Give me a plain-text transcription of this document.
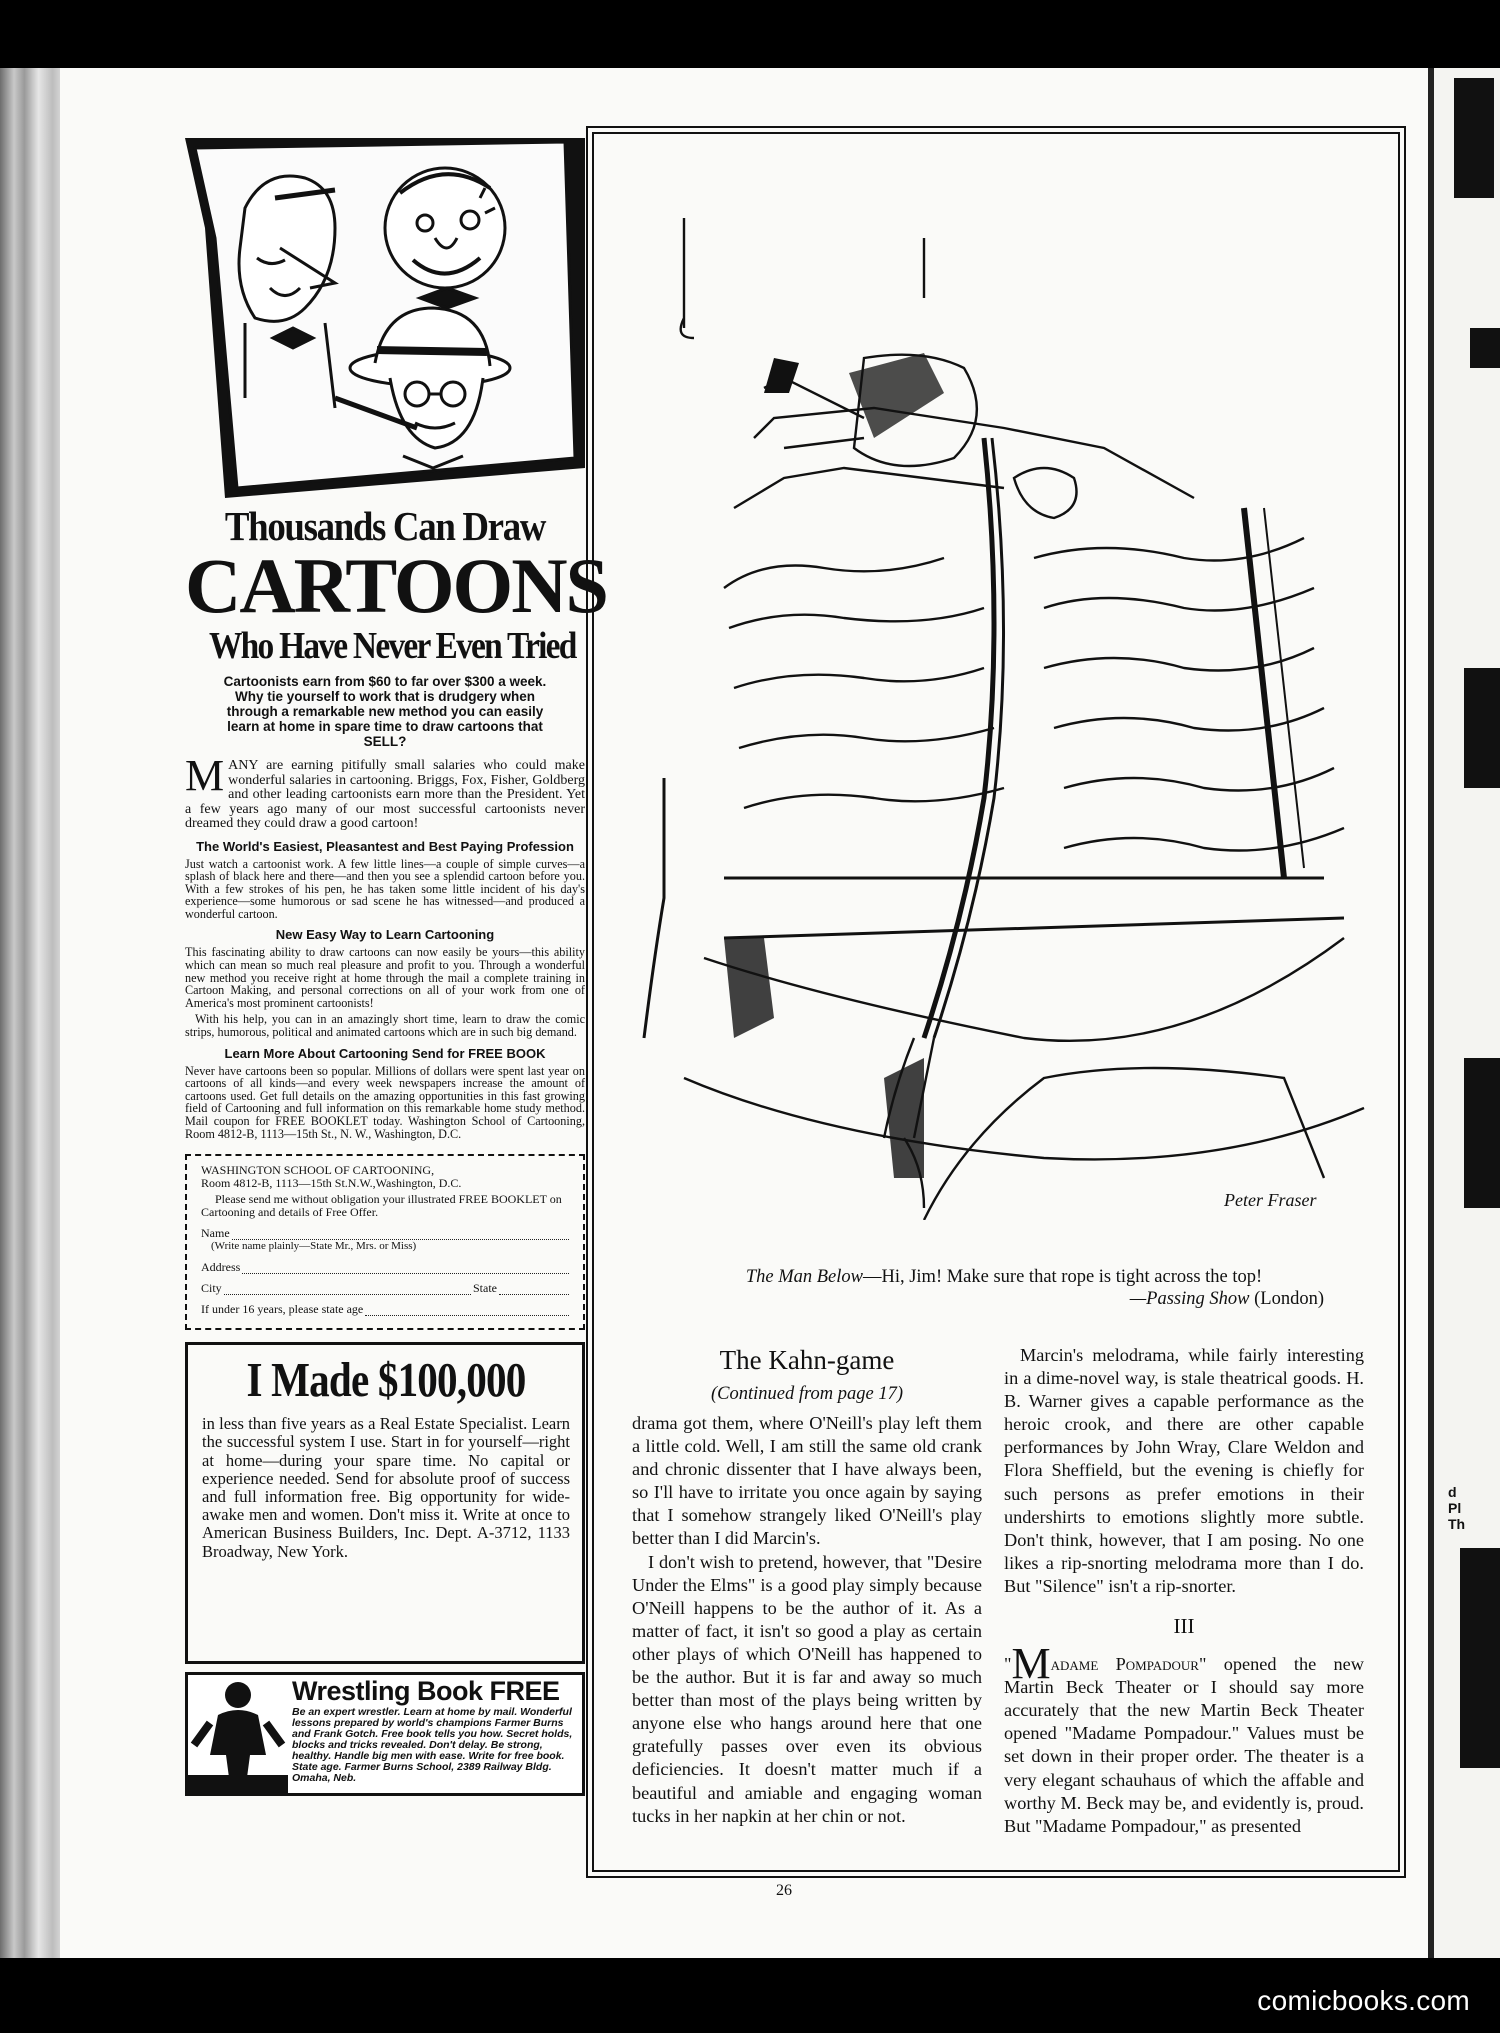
d
Pl
Th
Thousands Can Draw
CARTOONS
Who Have Never Even Tried
Cartoonists earn from $60 to far over $300 a week. Why tie yourself to work that is drudgery when through a remarkable new method you can easily learn at home in spare time to draw cartoons that SELL?
MANY are earning pitifully small salaries who could make wonderful salaries in cartooning. Briggs, Fox, Fisher, Goldberg and other leading cartoonists earn more than the President. Yet a few years ago many of our most successful cartoonists never dreamed they could draw a good cartoon!
The World's Easiest, Pleasantest and Best Paying Profession
Just watch a cartoonist work. A few little lines—a couple of simple curves—a splash of black here and there—and then you see a splendid cartoon before you. With a few strokes of his pen, he has taken some little incident of his day's experience—some humorous or sad scene he has witnessed—and produced a wonderful cartoon.
New Easy Way to Learn Cartooning
This fascinating ability to draw cartoons can now easily be yours—this ability which can mean so much real pleasure and profit to you. Through a wonderful new method you receive right at home through the mail a complete training in Cartoon Making, and personal corrections on all of your work from one of America's most prominent cartoonists!
With his help, you can in an amazingly short time, learn to draw the comic strips, humorous, political and animated cartoons which are in such big demand.
Learn More About Cartooning Send for FREE BOOK
Never have cartoons been so popular. Millions of dollars were spent last year on cartoons of all kinds—and every week newspapers increase the amount of cartoons used. Get full details on the amazing opportunities in this fast growing field of Cartooning and full information on this remarkable home study method. Mail coupon for FREE BOOKLET today. Washington School of Cartooning, Room 4812-B, 1113—15th St., N. W., Washington, D.C.
WASHINGTON SCHOOL OF CARTOONING,
Room 4812-B, 1113—15th St.N.W.,Washington, D.C.
Please send me without obligation your illustrated FREE BOOKLET on Cartooning and details of Free Offer.
Name
(Write name plainly—State Mr., Mrs. or Miss)
Address
City	State
If under 16 years, please state age
I Made $100,000
in less than five years as a Real Estate Specialist. Learn the successful system I use. Start in for yourself—right at home—during your spare time. No capital or experience needed. Send for absolute proof of success and full information free. Big opportunity for wide-awake men and women. Don't miss it. Write at once to American Business Builders, Inc. Dept. A-3712, 1133 Broadway, New York.
Wrestling Book FREE
Be an expert wrestler. Learn at home by mail. Wonderful lessons prepared by world's champions Farmer Burns and Frank Gotch. Free book tells you how. Secret holds, blocks and tricks revealed. Don't delay. Be strong, healthy. Handle big men with ease. Write for free book. State age. Farmer Burns School, 2389 Railway Bldg. Omaha, Neb.
Peter Fraser
The Man Below—Hi, Jim! Make sure that rope is tight across the top!
—Passing Show (London)
The Kahn-game
(Continued from page 17)

drama got them, where O'Neill's play left them a little cold. Well, I am still the same old crank and chronic dissenter that I have always been, so I'll have to irritate you once again by saying that I somehow strangely liked O'Neill's play better than I did Marcin's.

I don't wish to pretend, however, that "Desire Under the Elms" is a good play simply because O'Neill happens to be the author of it. As a matter of fact, it isn't so good a play as certain other plays of which O'Neill has happened to be the author. But it is far and away so much better than most of the plays being written by anyone else who hangs around here that one gratefully passes over even its obvious deficiencies. It doesn't matter much if a beautiful and amiable and engaging woman tucks in her napkin at her chin or not.

Marcin's melodrama, while fairly interesting in a dime-novel way, is stale theatrical goods. H. B. Warner gives a capable performance as the heroic crook, and there are other capable performances by John Wray, Clare Weldon and Flora Sheffield, but the evening is chiefly for such persons as prefer emotions in their undershirts to emotions slightly more subtle. Don't think, however, that I am posing. No one likes a rip-snorting melodrama more than I do. But "Silence" isn't a rip-snorter.

III

"Madame Pompadour" opened the new Martin Beck Theater or I should say more accurately that the new Martin Beck Theater opened "Madame Pompadour." Values must be set down in their proper order. The theater is a very elegant schauhaus of which the affable and worthy M. Beck may be, and evidently is, proud. But "Madame Pompadour," as presented

26
comicbooks.com
